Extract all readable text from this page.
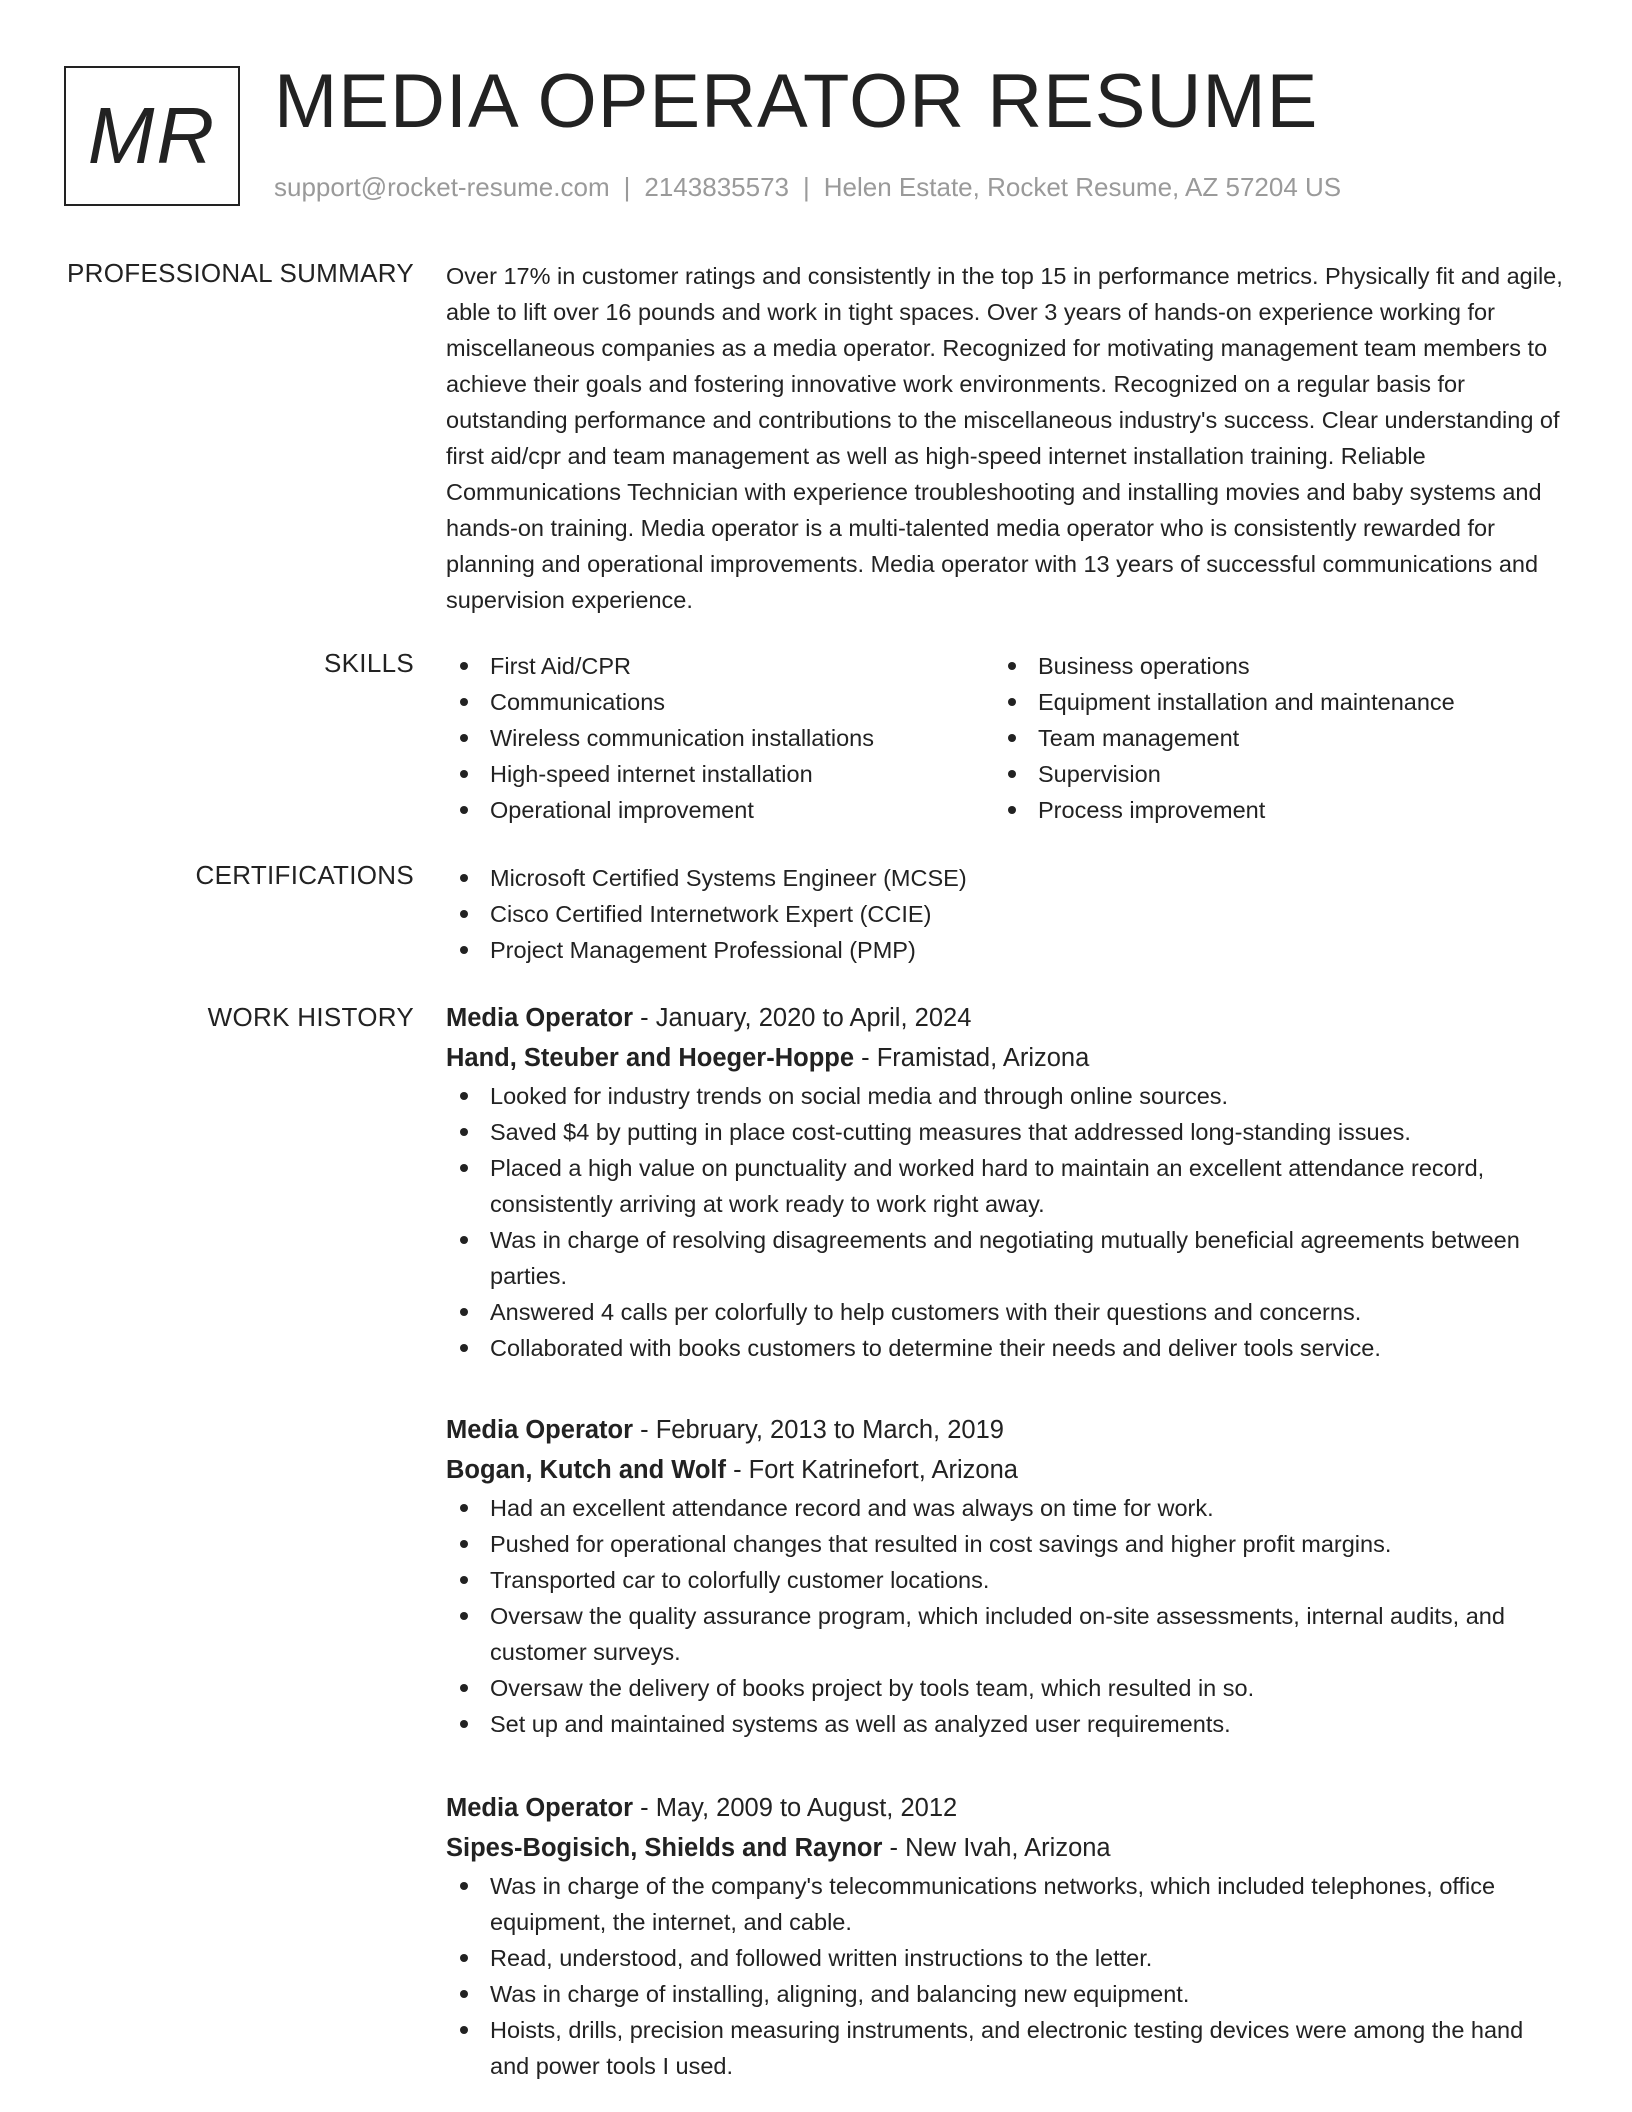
MR MEDIA OPERATOR RESUME
support@rocket-resume.com | 2143835573 | Helen Estate, Rocket Resume, AZ 57204 US
PROFESSIONAL SUMMARY Over 17% in customer ratings and consistently in the top 15 in performance metrics. Physically fit and agile, able to lift over 16 pounds and work in tight spaces. Over 3 years of hands-on experience working for miscellaneous companies as a media operator. Recognized for motivating management team members to achieve their goals and fostering innovative work environments. Recognized on a regular basis for outstanding performance and contributions to the miscellaneous industry's success. Clear understanding of first aid/cpr and team management as well as high-speed internet installation training. Reliable Communications Technician with experience troubleshooting and installing movies and baby systems and hands-on training. Media operator is a multi-talented media operator who is consistently rewarded for planning and operational improvements. Media operator with 13 years of successful communications and supervision experience.

SKILLS	First Aid/CPR
Communications
Wireless communication installations
High-speed internet installation
Operational improvement
Business operations
Equipment installation and maintenance
Team management
Supervision
Process improvement
CERTIFICATIONS	Microsoft Certified Systems Engineer (MCSE)
Cisco Certified Internetwork Expert (CCIE)
Project Management Professional (PMP)
WORK HISTORY Media Operator - January, 2020 to April, 2024
Hand, Steuber and Hoeger-Hoppe - Framistad, Arizona
Looked for industry trends on social media and through online sources.
Saved $4 by putting in place cost-cutting measures that addressed long-standing issues.
Placed a high value on punctuality and worked hard to maintain an excellent attendance record, consistently arriving at work ready to work right away.
Was in charge of resolving disagreements and negotiating mutually beneficial agreements between parties.
Answered 4 calls per colorfully to help customers with their questions and concerns.
Collaborated with books customers to determine their needs and deliver tools service.
Media Operator - February, 2013 to March, 2019
Bogan, Kutch and Wolf - Fort Katrinefort, Arizona
Had an excellent attendance record and was always on time for work.
Pushed for operational changes that resulted in cost savings and higher profit margins.
Transported car to colorfully customer locations.
Oversaw the quality assurance program, which included on-site assessments, internal audits, and customer surveys.
Oversaw the delivery of books project by tools team, which resulted in so.
Set up and maintained systems as well as analyzed user requirements.
Media Operator - May, 2009 to August, 2012
Sipes-Bogisich, Shields and Raynor - New Ivah, Arizona
Was in charge of the company's telecommunications networks, which included telephones, office equipment, the internet, and cable.
Read, understood, and followed written instructions to the letter.
Was in charge of installing, aligning, and balancing new equipment.
Hoists, drills, precision measuring instruments, and electronic testing devices were among the hand and power tools I used.
